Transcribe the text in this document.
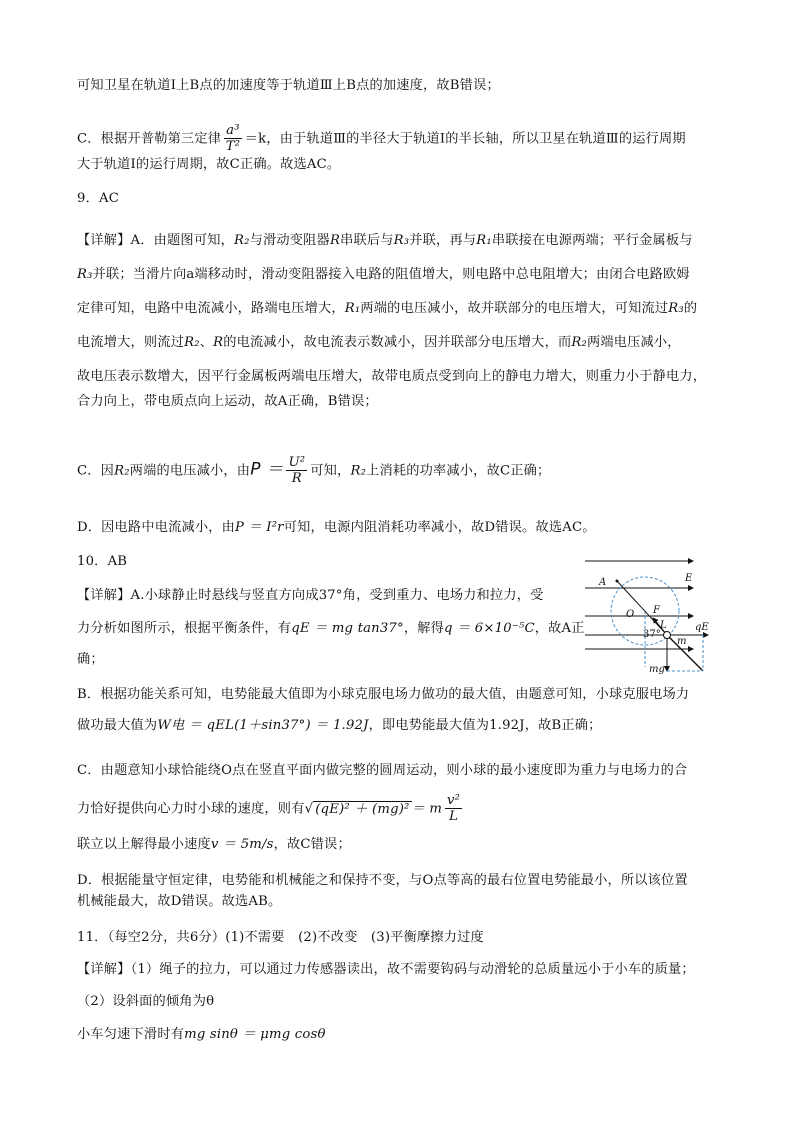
可知卫星在轨道Ⅰ上B点的加速度等于轨道Ⅲ上B点的加速度，故B错误；
C．根据开普勒第三定律 $\frac{\text{a³}}{\text{T²}} =k$，由于轨道Ⅲ的半径大于轨道Ⅰ的半长轴，所以卫星在轨道Ⅲ的运行周期
大于轨道Ⅰ的运行周期，故C正确。故选AC。
9．AC
【详解】A．由题图可知，R₂与滑动变阻器R串联后与R₃并联，再与R₁串联接在电源两端；平行金属板与
R₃并联；当滑片向a端移动时，滑动变阻器接入电路的阻值增大，则电路中总电阻增大；由闭合电路欧姆
定律可知，电路中电流减小，路端电压增大，R₁两端的电压减小，故并联部分的电压增大，可知流过R₃的
电流增大，则流过R₂、R的电流减小，故电流表示数减小，因并联部分电压增大，而R₂两端电压减小，
故电压表示数增大，因平行金属板两端电压增大，故带电质点受到向上的静电力增大，则重力小于静电力，
合力向上，带电质点向上运动，故A正确，B错误；
C．因R₂两端的电压减小，由$P = \frac{\text{U²}}{R}$ 可知，R₂上消耗的功率减小，故C正确；
D．因电路中电流减小，由P ＝ I²r可知，电源内阻消耗功率减小，故D错误。故选AC。
10．AB
【详解】A.小球静止时悬线与竖直方向成37°角，受到重力、电场力和拉力，受
力分析如图所示，根据平衡条件，有qE ＝ mg tan37°，解得q ＝ 6×10⁻⁵C，故A正
确；
A	E
O F
L	qE
37°
m
mg
B．根据功能关系可知，电势能最大值即为小球克服电场力做功的最大值，由题意可知，小球克服电场力
做功最大值为W电 ＝ qEL(1＋sin37°) ＝ 1.92J，即电势能最大值为1.92J，故B正确；
C．由题意知小球恰能绕O点在竖直平面内做完整的圆周运动，则小球的最小速度即为重力与电场力的合
力恰好提供向心力时小球的速度，则有√ (qE)² ＋ (mg)² ＝ m $\frac{\text{v²}}{L}$
联立以上解得最小速度v ＝ 5m/s，故C错误；
D．根据能量守恒定律，电势能和机械能之和保持不变，与O点等高的最右位置电势能最小，所以该位置
机械能最大，故D错误。故选AB。
11．（每空2分，共6分）(1)不需要　(2)不改变　(3)平衡摩擦力过度
【详解】（1）绳子的拉力，可以通过力传感器读出，故不需要钩码与动滑轮的总质量远小于小车的质量；
（2）设斜面的倾角为θ
小车匀速下滑时有mg sinθ ＝ μmg cosθ
